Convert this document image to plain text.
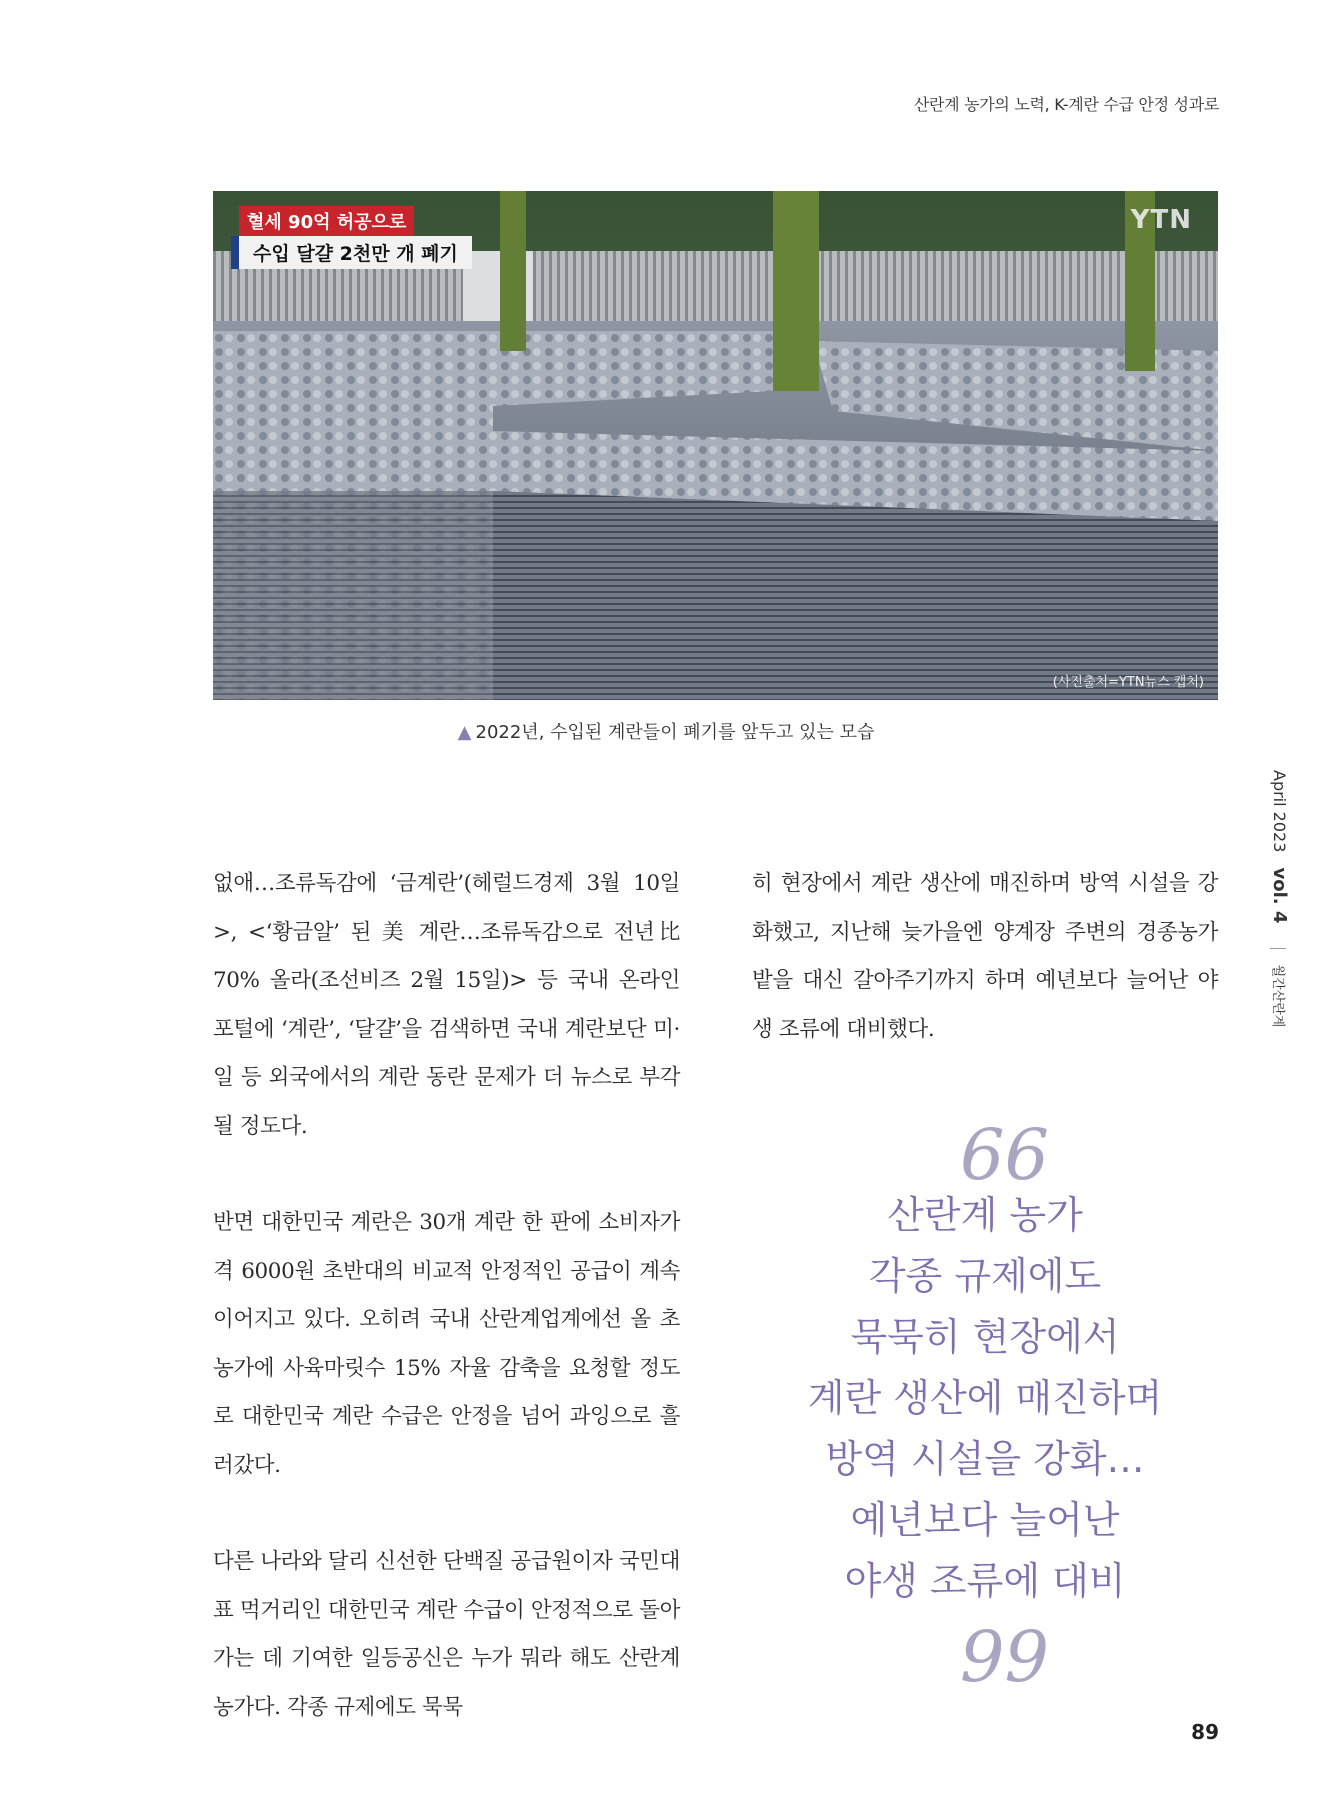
산란계 농가의 노력, K-계란 수급 안정 성과로
혈세 90억 허공으로
수입 달걀 2천만 개 폐기
YTN
(사진출처=YTN뉴스 캡처)
▲ 2022년, 수입된 계란들이 폐기를 앞두고 있는 모습
April 2023 vol. 4  월간산란계

없애…조류독감에 ‘금계란’(헤럴드경제 3월 10일>, <‘황금알’ 된 美 계란…조류독감으로 전년比 70% 올라(조선비즈 2월 15일)> 등 국내 온라인 포털에 ‘계란’, ‘달걀’을 검색하면 국내 계란보단 미·일 등 외국에서의 계란 동란 문제가 더 뉴스로 부각될 정도다.

반면 대한민국 계란은 30개 계란 한 판에 소비자가격 6000원 초반대의 비교적 안정적인 공급이 계속 이어지고 있다. 오히려 국내 산란계업계에선 올 초 농가에 사육마릿수 15% 자율 감축을 요청할 정도로 대한민국 계란 수급은 안정을 넘어 과잉으로 흘러갔다.

다른 나라와 달리 신선한 단백질 공급원이자 국민대표 먹거리인 대한민국 계란 수급이 안정적으로 돌아가는 데 기여한 일등공신은 누가 뭐라 해도 산란계 농가다. 각종 규제에도 묵묵

히 현장에서 계란 생산에 매진하며 방역 시설을 강화했고, 지난해 늦가을엔 양계장 주변의 경종농가 밭을 대신 갈아주기까지 하며 예년보다 늘어난 야생 조류에 대비했다.

66
산란계 농가
각종 규제에도
묵묵히 현장에서
계란 생산에 매진하며
방역 시설을 강화…
예년보다 늘어난
야생 조류에 대비
99
89
